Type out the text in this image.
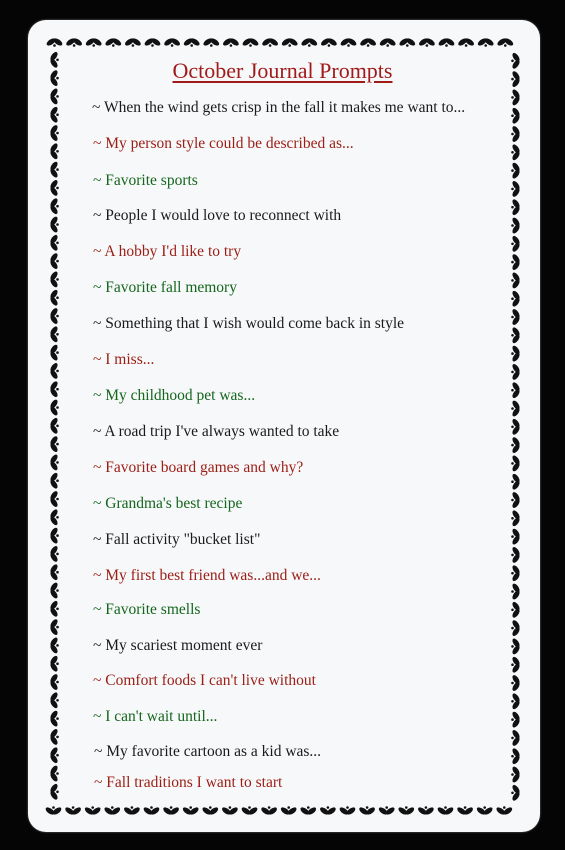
October Journal Prompts
~ When the wind gets crisp in the fall it makes me want to...
~ My person style could be described as...
~ Favorite sports
~ People I would love to reconnect with
~ A hobby I'd like to try
~ Favorite fall memory
~ Something that I wish would come back in style
~ I miss...
~ My childhood pet was...
~ A road trip I've always wanted to take
~ Favorite board games and why?
~ Grandma's best recipe
~ Fall activity "bucket list"
~ My first best friend was...and we...
~ Favorite smells
~ My scariest moment ever
~ Comfort foods I can't live without
~ I can't wait until...
~ My favorite cartoon as a kid was...
~ Fall traditions I want to start
